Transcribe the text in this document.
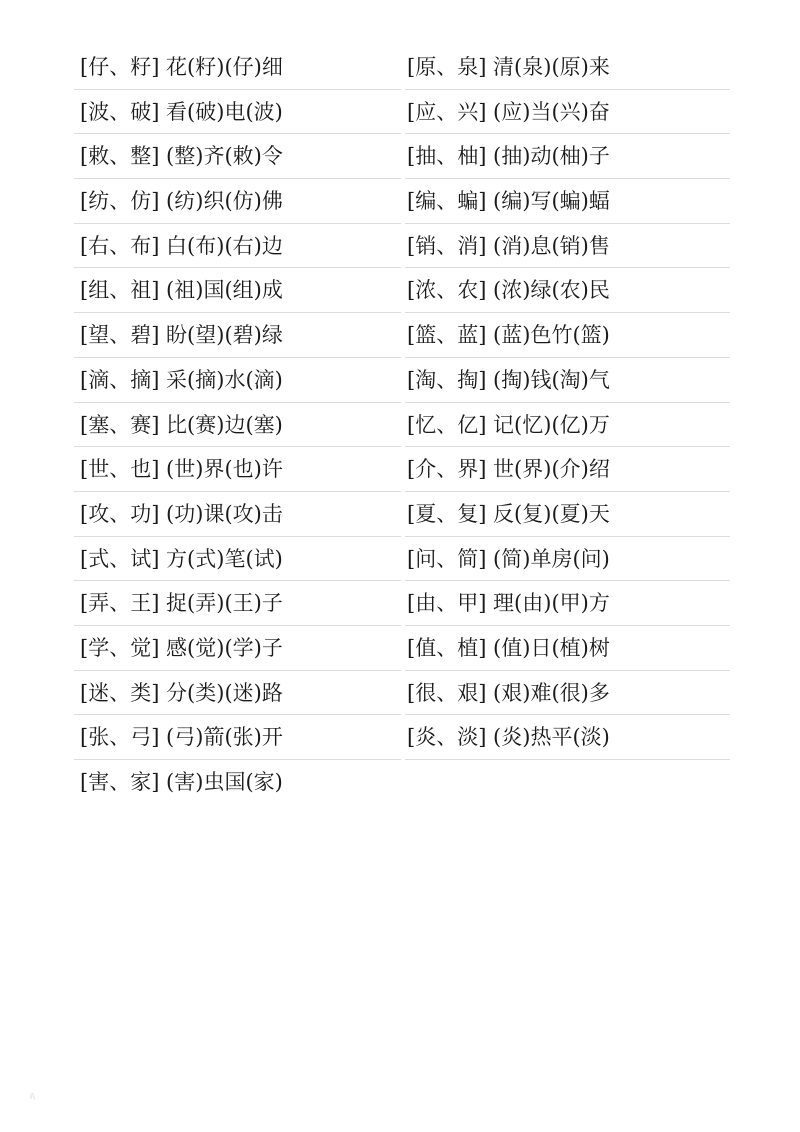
[仔、籽] 花(籽)(仔)细
[波、破] 看(破)电(波)
[敕、整] (整)齐(敕)令
[纺、仿] (纺)织(仿)佛
[右、布] 白(布)(右)边
[组、祖] (祖)国(组)成
[望、碧] 盼(望)(碧)绿
[滴、摘] 采(摘)水(滴)
[塞、赛] 比(赛)边(塞)
[世、也] (世)界(也)许
[攻、功] (功)课(攻)击
[式、试] 方(式)笔(试)
[弄、王] 捉(弄)(王)子
[学、觉] 感(觉)(学)子
[迷、类] 分(类)(迷)路
[张、弓] (弓)箭(张)开
[害、家] (害)虫国(家)
[原、泉] 清(泉)(原)来
[应、兴] (应)当(兴)奋
[抽、柚] (抽)动(柚)子
[编、蝙] (编)写(蝙)蝠
[销、消] (消)息(销)售
[浓、农] (浓)绿(农)民
[篮、蓝] (蓝)色竹(篮)
[淘、掏] (掏)钱(淘)气
[忆、亿] 记(忆)(亿)万
[介、界] 世(界)(介)绍
[夏、复] 反(复)(夏)天
[问、简] (简)单房(问)
[由、甲] 理(由)(甲)方
[值、植] (值)日(植)树
[很、艰] (艰)难(很)多
[炎、淡] (炎)热平(淡)
i\
